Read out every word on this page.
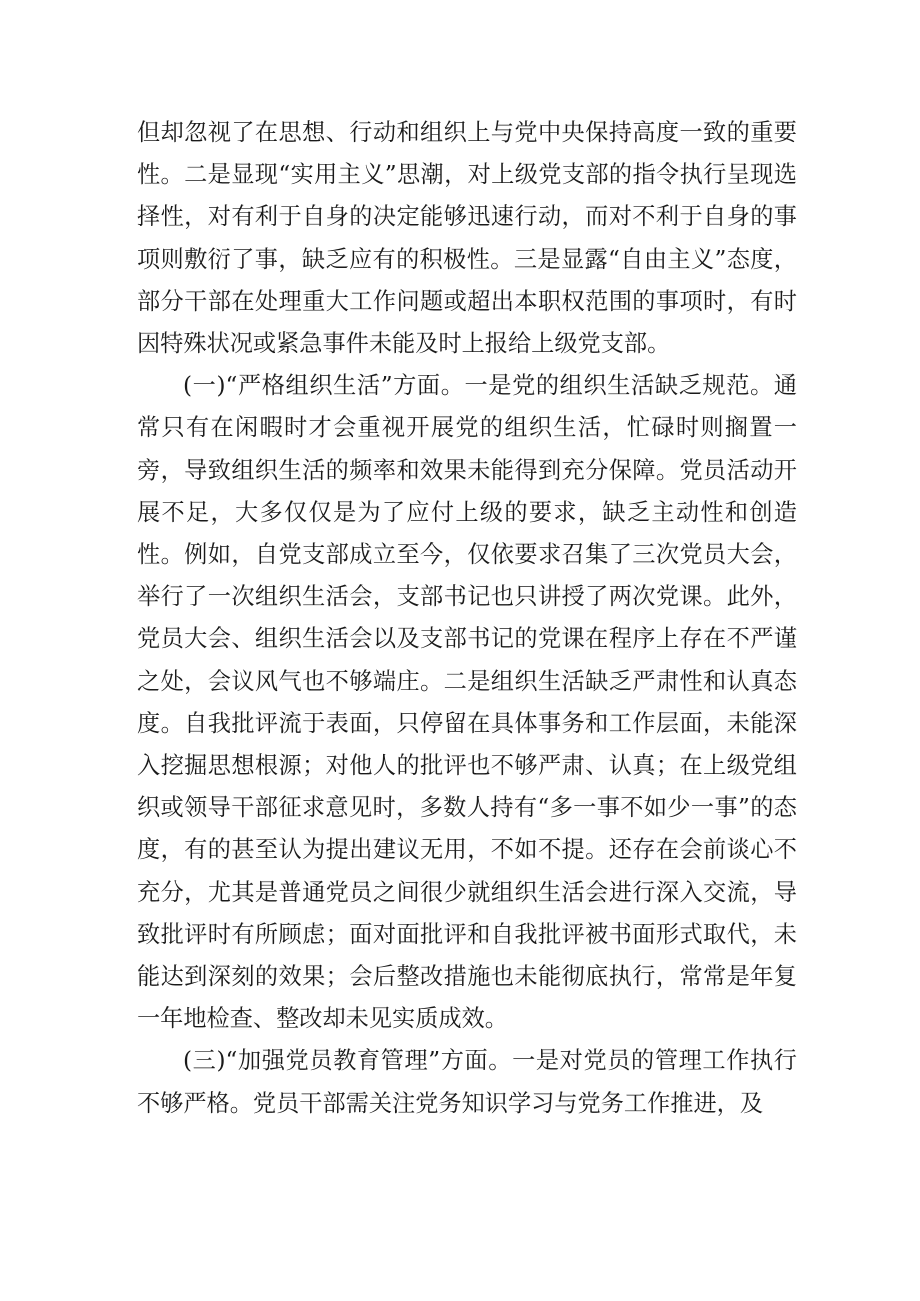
但却忽视了在思想、行动和组织上与党中央保持高度一致的重要性。二是显现“实用主义”思潮，对上级党支部的指令执行呈现选择性，对有利于自身的决定能够迅速行动，而对不利于自身的事项则敷衍了事，缺乏应有的积极性。三是显露“自由主义”态度，部分干部在处理重大工作问题或超出本职权范围的事项时，有时因特殊状况或紧急事件未能及时上报给上级党支部。

(一)“严格组织生活”方面。一是党的组织生活缺乏规范。通常只有在闲暇时才会重视开展党的组织生活，忙碌时则搁置一旁，导致组织生活的频率和效果未能得到充分保障。党员活动开展不足，大多仅仅是为了应付上级的要求，缺乏主动性和创造性。例如，自党支部成立至今，仅依要求召集了三次党员大会，举行了一次组织生活会，支部书记也只讲授了两次党课。此外，党员大会、组织生活会以及支部书记的党课在程序上存在不严谨之处，会议风气也不够端庄。二是组织生活缺乏严肃性和认真态度。自我批评流于表面，只停留在具体事务和工作层面，未能深入挖掘思想根源；对他人的批评也不够严肃、认真；在上级党组织或领导干部征求意见时，多数人持有“多一事不如少一事”的态度，有的甚至认为提出建议无用，不如不提。还存在会前谈心不充分，尤其是普通党员之间很少就组织生活会进行深入交流，导致批评时有所顾虑；面对面批评和自我批评被书面形式取代，未能达到深刻的效果；会后整改措施也未能彻底执行，常常是年复一年地检查、整改却未见实质成效。

(三)“加强党员教育管理”方面。一是对党员的管理工作执行不够严格。党员干部需关注党务知识学习与党务工作推进，及
